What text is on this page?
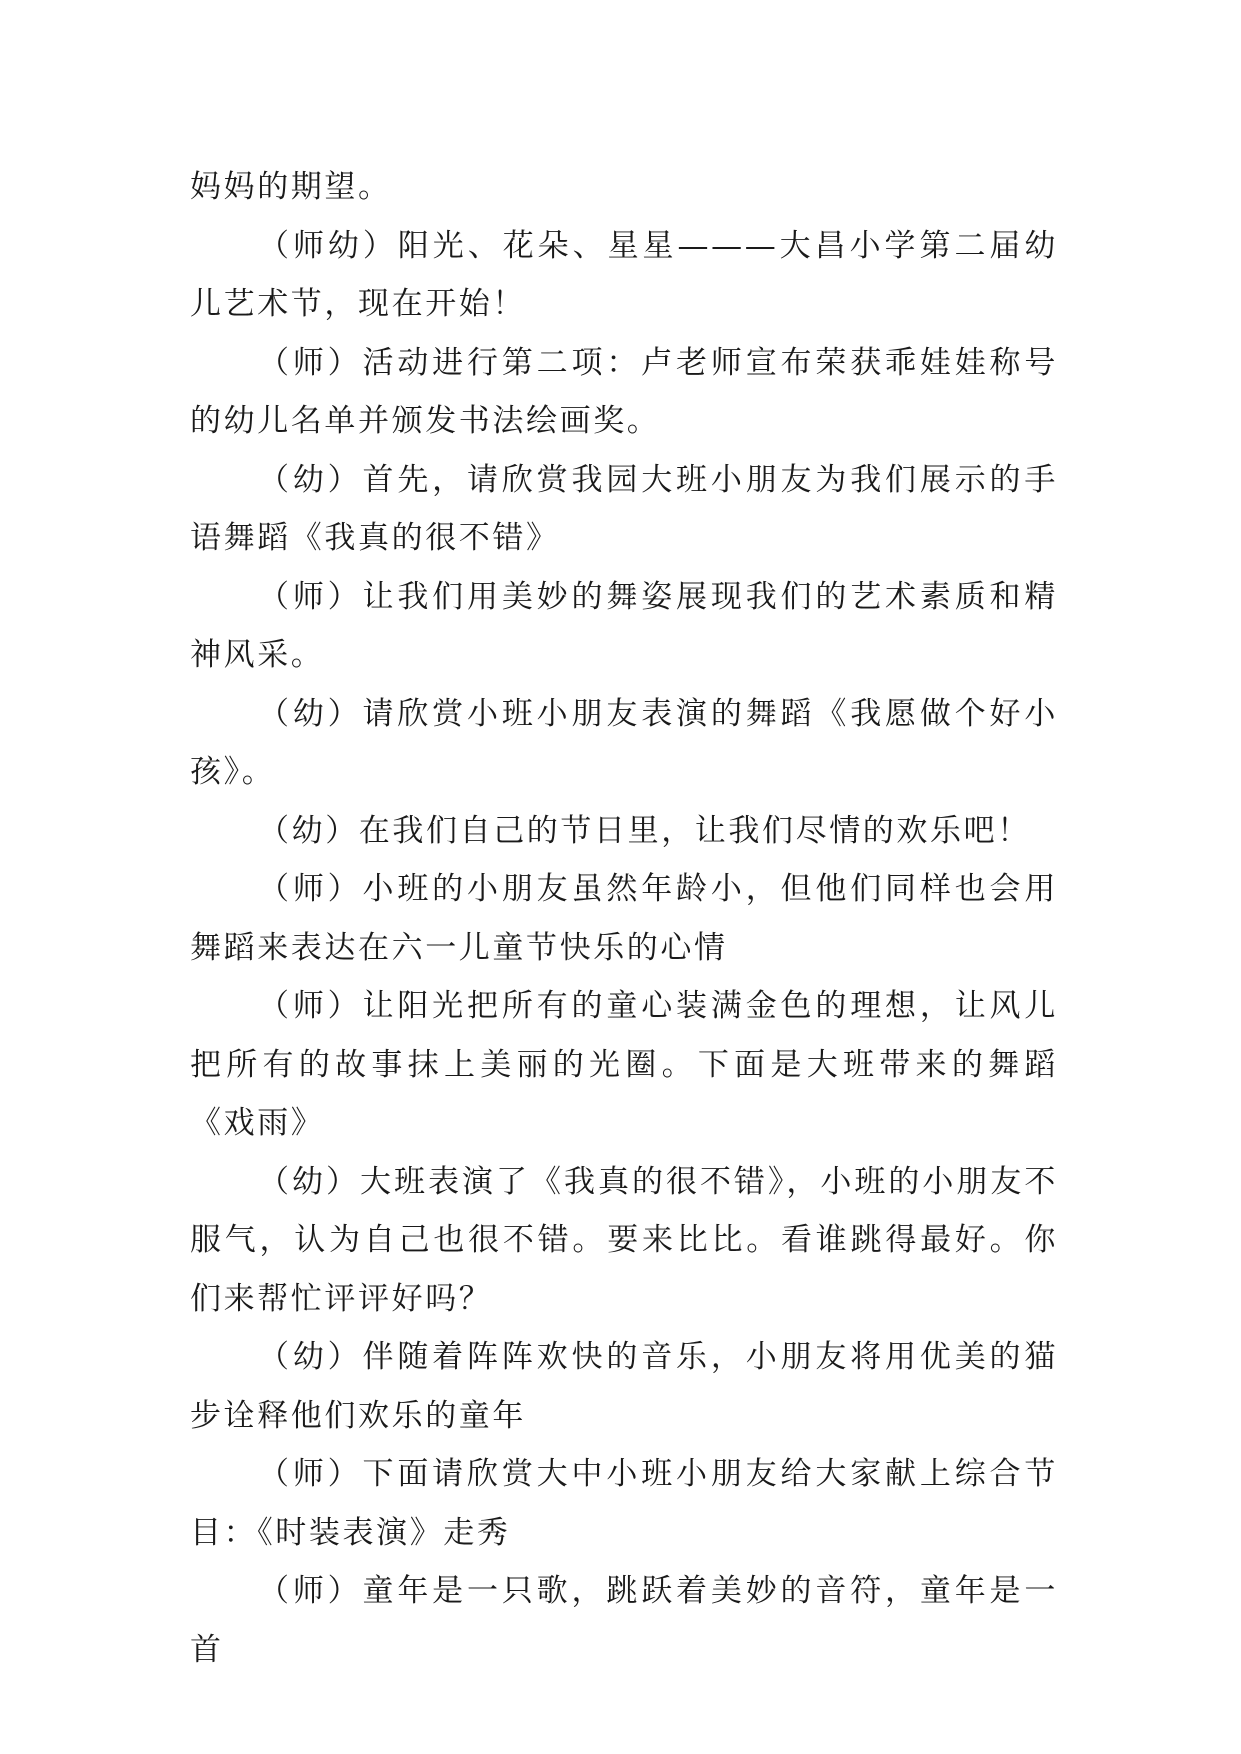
妈妈的期望。

（师幼）阳光、花朵、星星———大昌小学第二届幼儿艺术节，现在开始！

（师）活动进行第二项：卢老师宣布荣获乖娃娃称号的幼儿名单并颁发书法绘画奖。

（幼）首先，请欣赏我园大班小朋友为我们展示的手语舞蹈《我真的很不错》

（师）让我们用美妙的舞姿展现我们的艺术素质和精神风采。

（幼）请欣赏小班小朋友表演的舞蹈《我愿做个好小孩》。

（幼）在我们自己的节日里，让我们尽情的欢乐吧！

（师）小班的小朋友虽然年龄小，但他们同样也会用舞蹈来表达在六一儿童节快乐的心情

（师）让阳光把所有的童心装满金色的理想，让风儿把所有的故事抹上美丽的光圈。下面是大班带来的舞蹈《戏雨》

（幼）大班表演了《我真的很不错》，小班的小朋友不服气，认为自己也很不错。要来比比。看谁跳得最好。你们来帮忙评评好吗？

（幼）伴随着阵阵欢快的音乐，小朋友将用优美的猫步诠释他们欢乐的童年

（师）下面请欣赏大中小班小朋友给大家献上综合节目：《时装表演》走秀

（师）童年是一只歌，跳跃着美妙的音符，童年是一首
